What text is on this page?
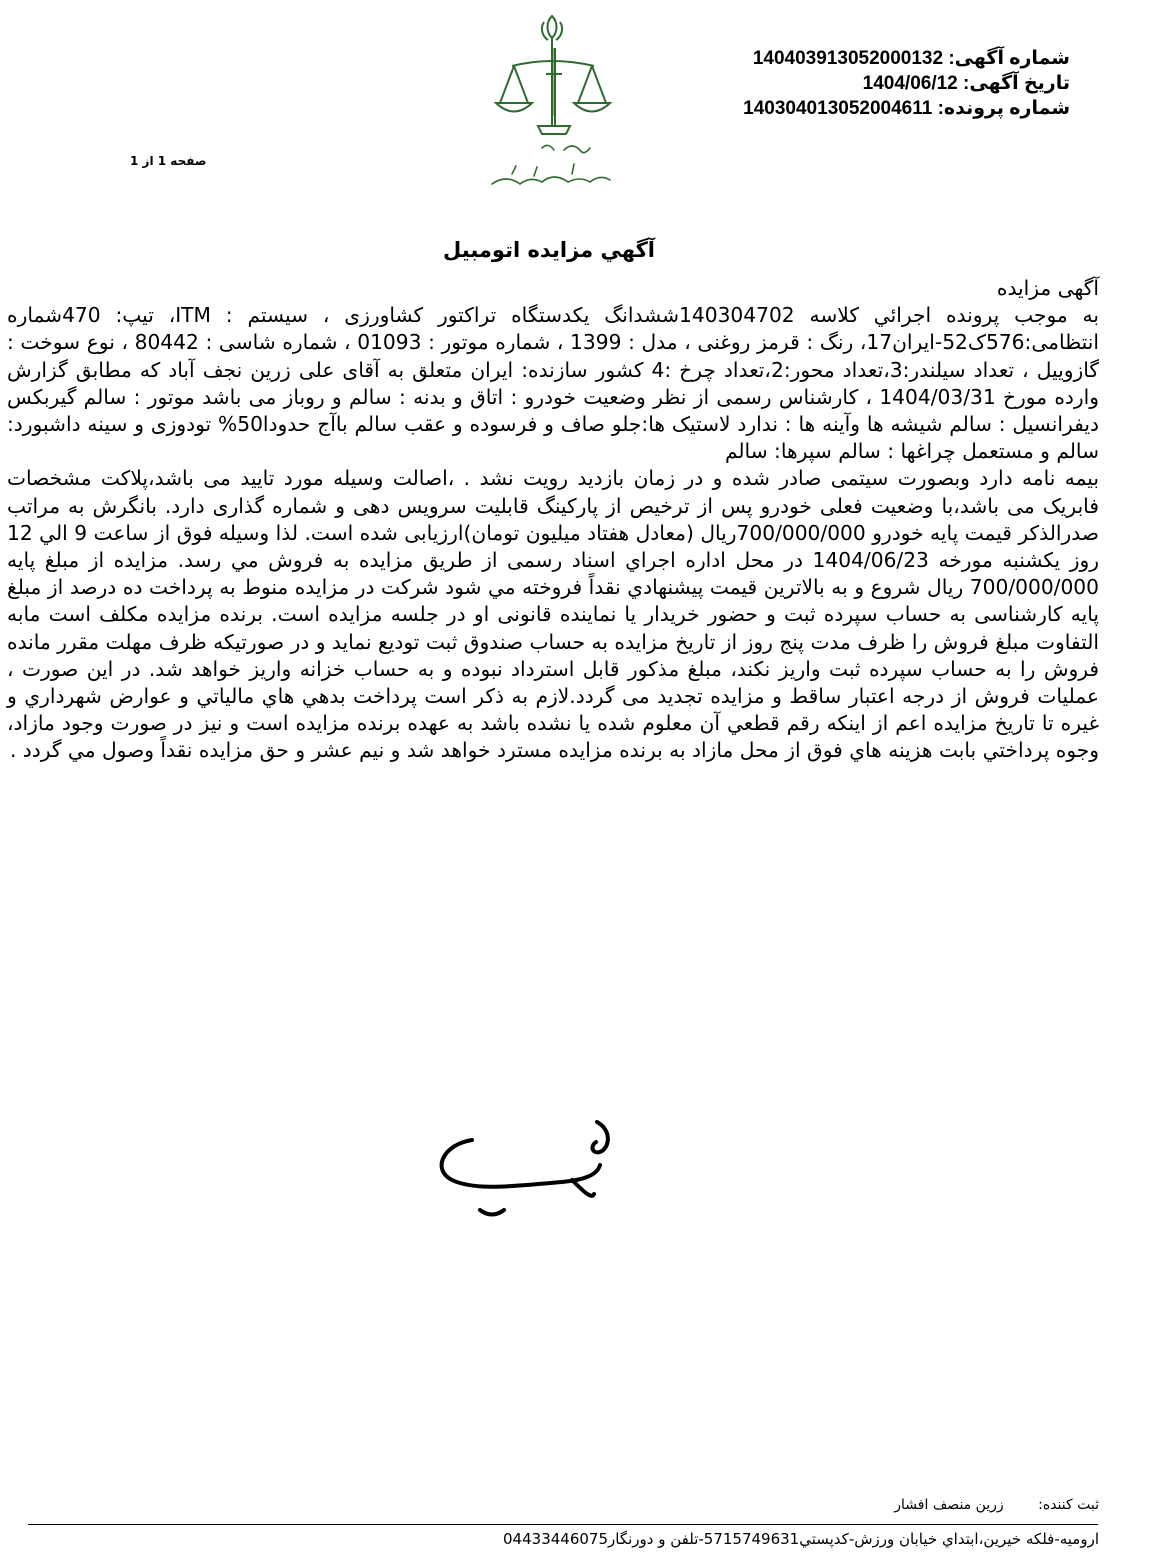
شماره آگهی: 140403913052000132
تاریخ آگهی: 1404/06/12
شماره پرونده: 140304013052004611
صفحه 1 از 1
آگهي مزايده اتومبيل

آگهی مزایده

به موجب پرونده اجرائي كلاسه 140304702ششدانگ یکدستگاه تراکتور کشاورزی ، سیستم : ITM، تیپ: 470شماره انتظامی:576ک52-ایران17، رنگ : قرمز روغنی ، مدل : 1399 ، شماره موتور : 01093 ، شماره شاسی : 80442 ، نوع سوخت : گازوییل ، تعداد سیلندر:3،تعداد محور:2،تعداد چرخ :4 کشور سازنده: ایران متعلق به آقای علی زرین نجف آباد که مطابق گزارش وارده مورخ 1404/03/31 ، کارشناس رسمی از نظر وضعیت خودرو : اتاق و بدنه : سالم و روباز می باشد موتور : سالم گیربکس دیفرانسیل : سالم شیشه ها وآینه ها : ندارد لاستیک ها:جلو صاف و فرسوده و عقب سالم باآج حدودا50% تودوزی و سینه داشبورد: سالم و مستعمل چراغها : سالم سپرها: سالم

بیمه نامه دارد وبصورت سیتمی صادر شده و در زمان بازدید رویت نشد . ،اصالت وسیله مورد تایید می باشد،پلاکت مشخصات فابریک می باشد،با وضعیت فعلی خودرو پس از ترخیص از پارکینگ قابلیت سرویس دهی و شماره گذاری دارد. بانگرش به مراتب صدرالذکر قیمت پایه خودرو 700/000/000ریال (معادل هفتاد میلیون تومان)ارزیابی شده است. لذا وسيله فوق از ساعت 9 الي 12 روز یکشنبه مورخه 1404/06/23 در محل اداره اجراي اسناد رسمی از طريق مزايده به فروش مي رسد. مزايده از مبلغ پايه 700/000/000 ريال شروع و به بالاترين قيمت پيشنهادي نقداً فروخته مي شود شرکت در مزایده منوط به پرداخت ده درصد از مبلغ پایه کارشناسی به حساب سپرده ثبت و حضور خریدار یا نماینده قانونی او در جلسه مزایده است. برنده مزایده مکلف است مابه التفاوت مبلغ فروش را ظرف مدت پنج روز از تاریخ مزایده به حساب صندوق ثبت تودیع نماید و در صورتیکه ظرف مهلت مقرر مانده فروش را به حساب سپرده ثبت واریز نکند، مبلغ مذکور قابل استرداد نبوده و به حساب خزانه واریز خواهد شد. در این صورت ، عملیات فروش از درجه اعتبار ساقط و مزایده تجدید می گردد.لازم به ذکر است پرداخت بدهي هاي مالياتي و عوارض شهرداري و غيره تا تاريخ مزايده اعم از اينكه رقم قطعي آن معلوم شده يا نشده باشد به عهده برنده مزايده است و نيز در صورت وجود مازاد، وجوه پرداختي بابت هزينه هاي فوق از محل مازاد به برنده مزايده مسترد خواهد شد و نيم عشر و حق مزايده نقداً وصول مي گردد .

ثبت کننده: زرین منصف افشار
ارومیه-فلکه خیرین،ابتداي خيابان ورزش-کدپستي5715749631-تلفن و دورنگار04433446075
